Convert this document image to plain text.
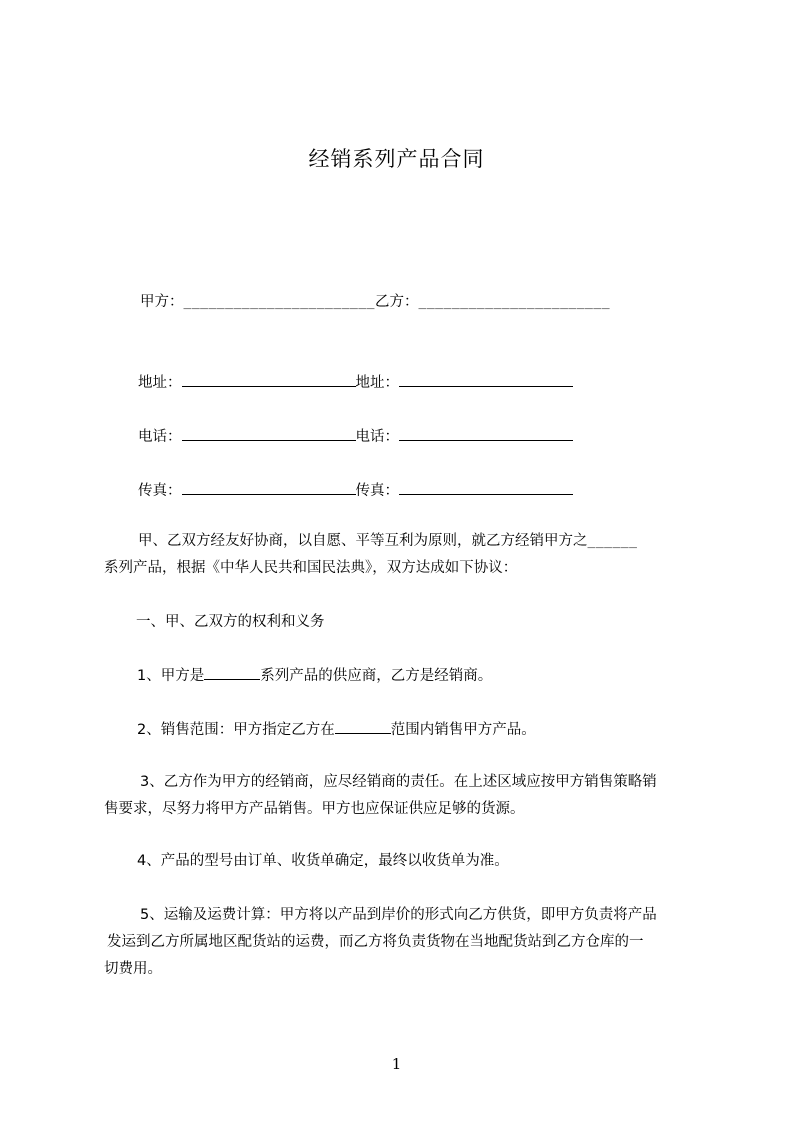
经销系列产品合同
甲方：_______________________乙方：_______________________
地址：	地址：
电话：	电话：
传真：	传真：
甲、乙双方经友好协商，以自愿、平等互利为原则，就乙方经销甲方之______
系列产品，根据《中华人民共和国民法典》，双方达成如下协议：
一、甲、乙双方的权利和义务
1、甲方是	系列产品的供应商，乙方是经销商。
2、销售范围：甲方指定乙方在	范围内销售甲方产品。
3、乙方作为甲方的经销商，应尽经销商的责任。在上述区域应按甲方销售策略销
售要求，尽努力将甲方产品销售。甲方也应保证供应足够的货源。
4、产品的型号由订单、收货单确定，最终以收货单为准。
5、运输及运费计算：甲方将以产品到岸价的形式向乙方供货，即甲方负责将产品
发运到乙方所属地区配货站的运费，而乙方将负责货物在当地配货站到乙方仓库的一
切费用。
1
